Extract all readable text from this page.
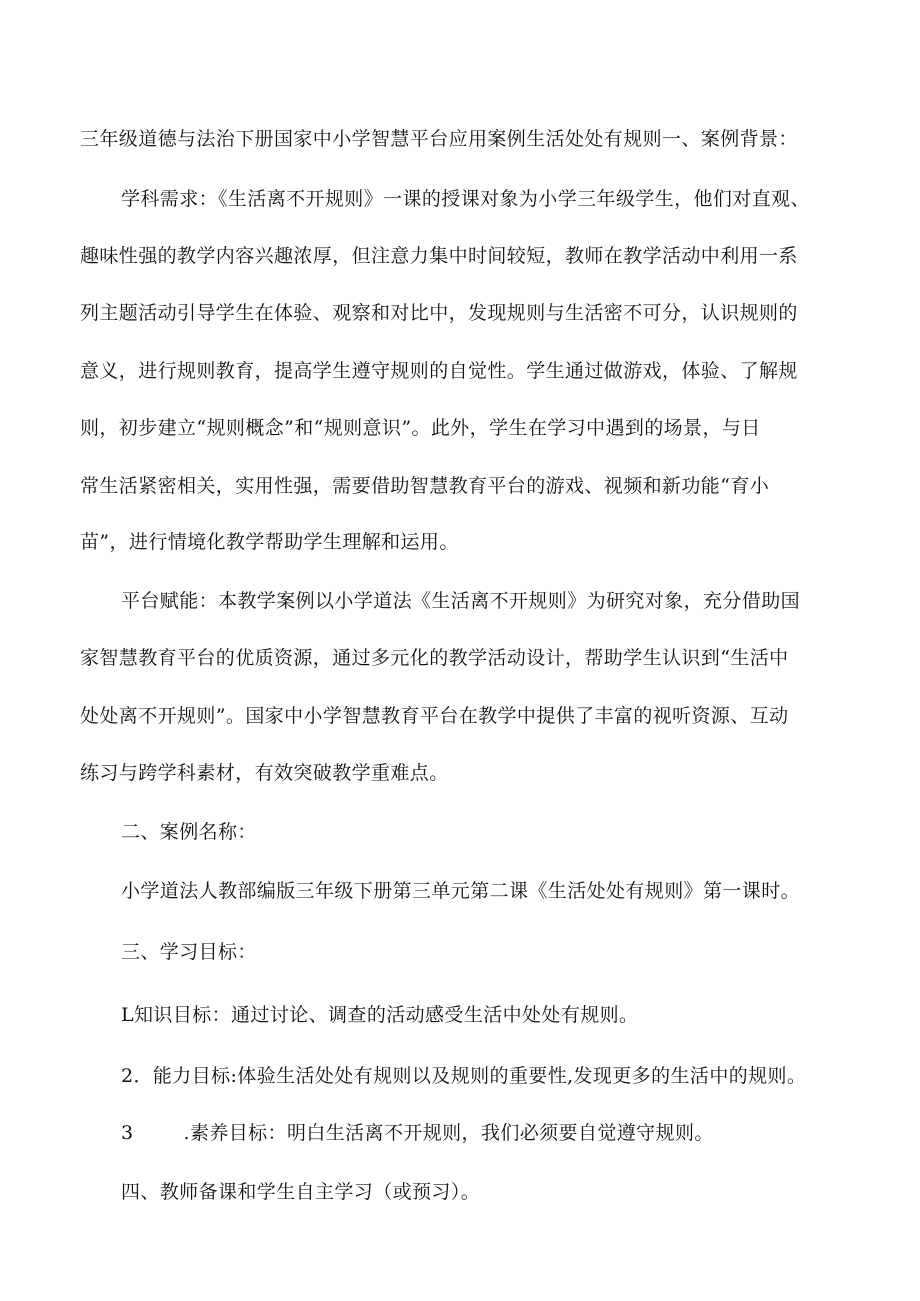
三年级道德与法治下册国家中小学智慧平台应用案例生活处处有规则一、案例背景：
学科需求：《生活离不开规则》一课的授课对象为小学三年级学生，他们对直观、
趣味性强的教学内容兴趣浓厚，但注意力集中时间较短，教师在教学活动中利用一系
列主题活动引导学生在体验、观察和对比中，发现规则与生活密不可分，认识规则的
意义，进行规则教育，提高学生遵守规则的自觉性。学生通过做游戏，体验、了解规
则，初步建立“规则概念”和“规则意识”。此外，学生在学习中遇到的场景，与日
常生活紧密相关，实用性强，需要借助智慧教育平台的游戏、视频和新功能“育小
苗”，进行情境化教学帮助学生理解和运用。
平台赋能：本教学案例以小学道法《生活离不开规则》为研究对象，充分借助国
家智慧教育平台的优质资源，通过多元化的教学活动设计，帮助学生认识到“生活中
处处离不开规则”。国家中小学智慧教育平台在教学中提供了丰富的视听资源、互动
练习与跨学科素材，有效突破教学重难点。
二、案例名称：
小学道法人教部编版三年级下册第三单元第二课《生活处处有规则》第一课时。
三、学习目标：
L知识目标：通过讨论、调查的活动感受生活中处处有规则。
2．能力目标:体验生活处处有规则以及规则的重要性,发现更多的生活中的规则。
3	.素养目标：明白生活离不开规则，我们必须要自觉遵守规则。
四、教师备课和学生自主学习（或预习）。
